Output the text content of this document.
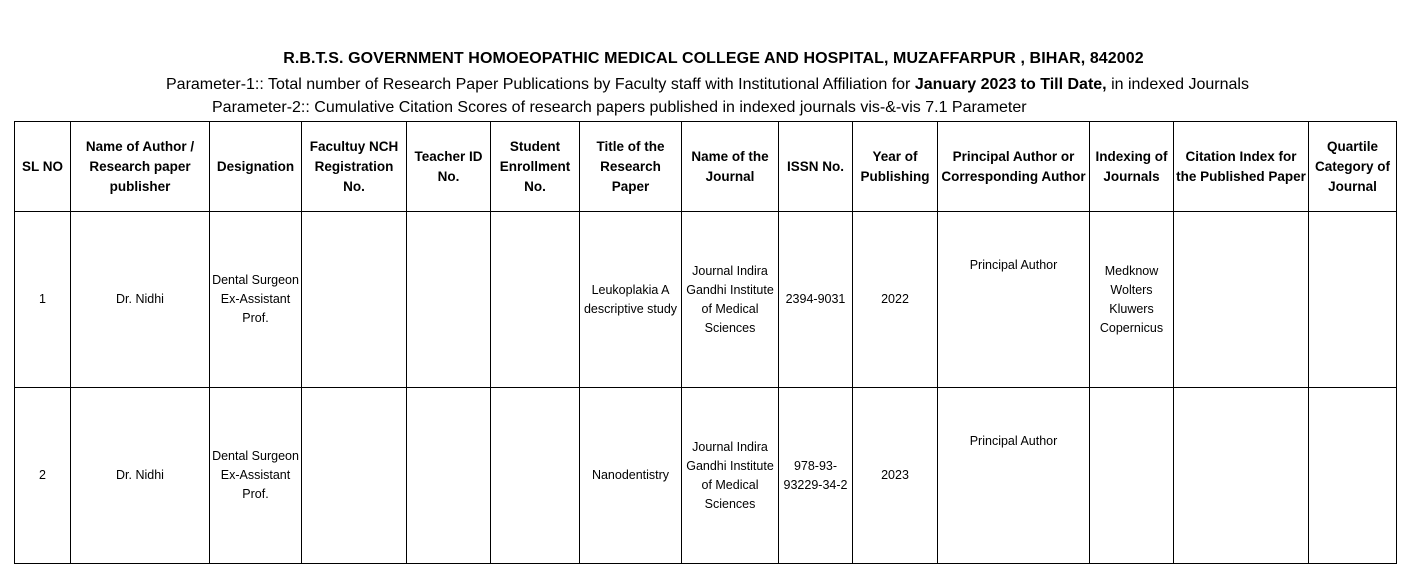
R.B.T.S. GOVERNMENT HOMOEOPATHIC MEDICAL COLLEGE AND HOSPITAL, MUZAFFARPUR , BIHAR, 842002
Parameter-1:: Total number of Research Paper Publications by Faculty staff with Institutional Affiliation for January 2023 to Till Date, in indexed Journals
Parameter-2:: Cumulative Citation Scores of research papers published in indexed journals vis-&-vis 7.1 Parameter
SL NO	Name of Author / Research paper publisher	Designation	Facultuy NCH Registration No.	Teacher ID No.	Student Enrollment No.	Title of the Research Paper	Name of the Journal	ISSN No.	Year of Publishing	Principal Author or Corresponding Author	Indexing of Journals	Citation Index for the Published Paper	Quartile Category of Journal
1	Dr. Nidhi	Dental Surgeon Ex-Assistant Prof.				Leukoplakia A descriptive study	Journal Indira Gandhi Institute of Medical Sciences	2394-9031	2022	Principal Author	Medknow Wolters Kluwers Copernicus		
2	Dr. Nidhi	Dental Surgeon Ex-Assistant Prof.				Nanodentistry	Journal Indira Gandhi Institute of Medical Sciences	978-93-93229-34-2	2023	Principal Author			
